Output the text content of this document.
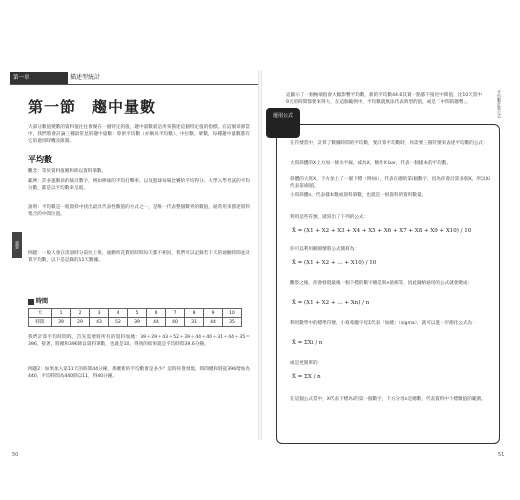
第一章	描述型統計
第一節　趨中量數
大部分數值變數的資料值往往會聚在一個特定的值，趨中量數就是用來描述這個特定值的指標。在這個章節當中，我們將會討論三種最常見的趨中量數：算術平均數（亦稱為平均數）、中位數、眾數，每種趨中量數都有它的適用時機及限制。
平均數
觀念：等於資料值總和除以資料筆數。
範例：許多運動員的統計數字，例如棒球的平均打擊率、以及籃球每場比賽的平均得分、大學入學考試的平均分數，都是以平均數來呈現。
說明：平均數是一般資料中找出最具代表性數值的方式之一，是唯一代表整個數列的數值，通常用來描述資料集合的中間位置。
重要
例題：一般人會在清晨時分前往上班，通勤所花費的時間每天都不相同，我們可以記錄若干天的通勤時間並計算平均數，以下是記錄的11天數據。
時間
天	1	2	3	4	5	6	7	8	9	10
時間	39	29	43	52	39	44	40	31	44	35
我們計算平均時間時，首先需要將所有的資料加總：39＋29＋43＋52＋39＋44＋40＋31＋44＋35＝396，接著，將總和396除以資料筆數，也就是10，得到的結果就是平均時間39.6分鐘。
例題2：如果加入第11天的時間44分鐘，那麼新的平均數會是多少？這時你會發現，時間總和將從396增加為440，平均時間為440除以11，得40分鐘。
50
這顯示了一個極端值會大幅影響平均數，新的平均數44.6其實一點都不接近中間值，比10天當中9天的時間都要來得大，在這個範例中，平均數就無法代表典型的值，或是「中間的趨勢」。	平均數計算公式
運用公式
在符號當中，計算了數據時間的平均數，要計算平均數時，你需要三個符號來表達平均數的公式：
大寫斜體的X上方加一條水平線，或為X，稱作X bar，代表一個樣本的平均數。
斜體的大寫X，下方加上了一個下標（例如i），代表在總的第i個數字，因為你會計算多個X，所以Xi代表第i個值。
小寫斜體n，代表樣本數或資料筆數，也就是一組資料的資料數量。
利用這些符號，就寫出了下列的公式：
X̄ = (X1 + X2 + X3 + X4 + X5 + X6 + X7 + X8 + X9 + X10) / 10
你可以利用刪節號將公式簡寫為：
X̄ = (X1 + X2 + … + X10) / 10
觀察之後，你會發現最後一個下標的數字總是與n值相等，因此歸納通用的公式就會變成：
X̄ = (X1 + X2 + … + Xn) / n
利用數學中的標準符號，小寫希臘字母Σ代表「加總」（sigma），就可以進一步簡化公式為：
X̄ = ΣXi / n
或是更簡單的：
X̄ = ΣX / n
在這個公式當中，X代表下標為i的第一個數字，下方分母n是總數，代表資料中下標數值的範圍。
51
